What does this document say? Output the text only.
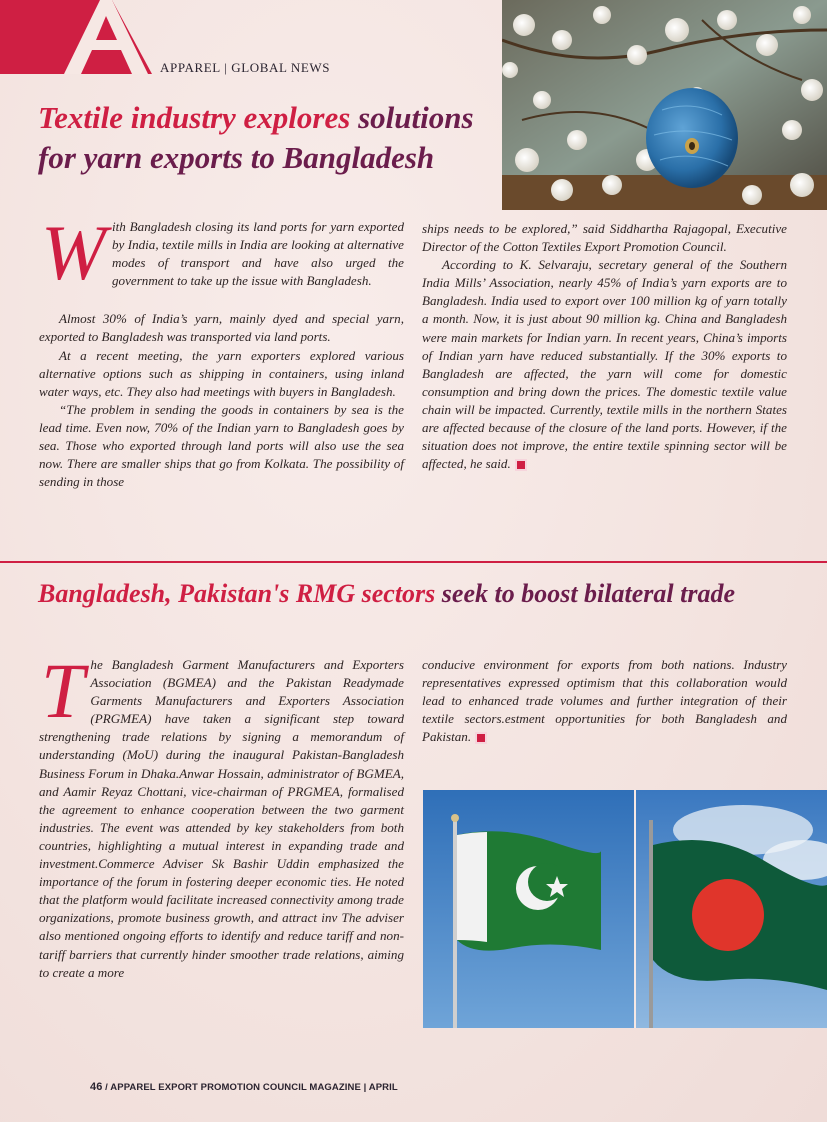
APPAREL | GLOBAL NEWS
Textile industry explores solutions for yarn exports to Bangladesh
W ith Bangladesh closing its land ports for yarn exported by India, textile mills in India are looking at alternative modes of transport and have also urged the government to take up the issue with Bangladesh.

Almost 30% of India’s yarn, mainly dyed and special yarn, exported to Bangladesh was transported via land ports.

At a recent meeting, the yarn exporters explored various alternative options such as shipping in containers, using inland water ways, etc. They also had meetings with buyers in Bangladesh.

“The problem in sending the goods in containers by sea is the lead time. Even now, 70% of the Indian yarn to Bangladesh goes by sea. Those who exported through land ports will also use the sea now. There are smaller ships that go from Kolkata. The possibility of sending in those

ships needs to be explored,” said Siddhartha Rajagopal, Executive Director of the Cotton Textiles Export Promotion Council.

According to K. Selvaraju, secretary general of the Southern India Mills’ Association, nearly 45% of India’s yarn exports are to Bangladesh. India used to export over 100 million kg of yarn totally a month. Now, it is just about 90 million kg. China and Bangladesh were main markets for Indian yarn. In recent years, China’s imports of Indian yarn have reduced substantially. If the 30% exports to Bangladesh are affected, the yarn will come for domestic consumption and bring down the prices. The domestic textile value chain will be impacted. Currently, textile mills in the northern States are affected because of the closure of the land ports. However, if the situation does not improve, the entire textile spinning sector will be affected, he said.

Bangladesh, Pakistan's RMG sectors seek to boost bilateral trade
T he Bangladesh Garment Manufacturers and Exporters Association (BGMEA) and the Pakistan Readymade Garments Manufacturers and Exporters Association (PRGMEA) have taken a significant step toward strengthening trade relations by signing a memorandum of understanding (MoU) during the inaugural Pakistan-Bangladesh Business Forum in Dhaka.Anwar Hossain, administrator of BGMEA, and Aamir Reyaz Chottani, vice-chairman of PRGMEA, formalised the agreement to enhance cooperation between the two garment industries. The event was attended by key stakeholders from both countries, highlighting a mutual interest in expanding trade and investment.Commerce Adviser Sk Bashir Uddin emphasized the importance of the forum in fostering deeper economic ties. He noted that the platform would facilitate increased connectivity among trade organizations, promote business growth, and attract inv The adviser also mentioned ongoing efforts to identify and reduce tariff and non-tariff barriers that currently hinder smoother trade relations, aiming to create a more

conducive environment for exports from both nations. Industry representatives expressed optimism that this collaboration would lead to enhanced trade volumes and further integration of their textile sectors.estment opportunities for both Bangladesh and Pakistan.

46 / APPAREL EXPORT PROMOTION COUNCIL MAGAZINE | APRIL
